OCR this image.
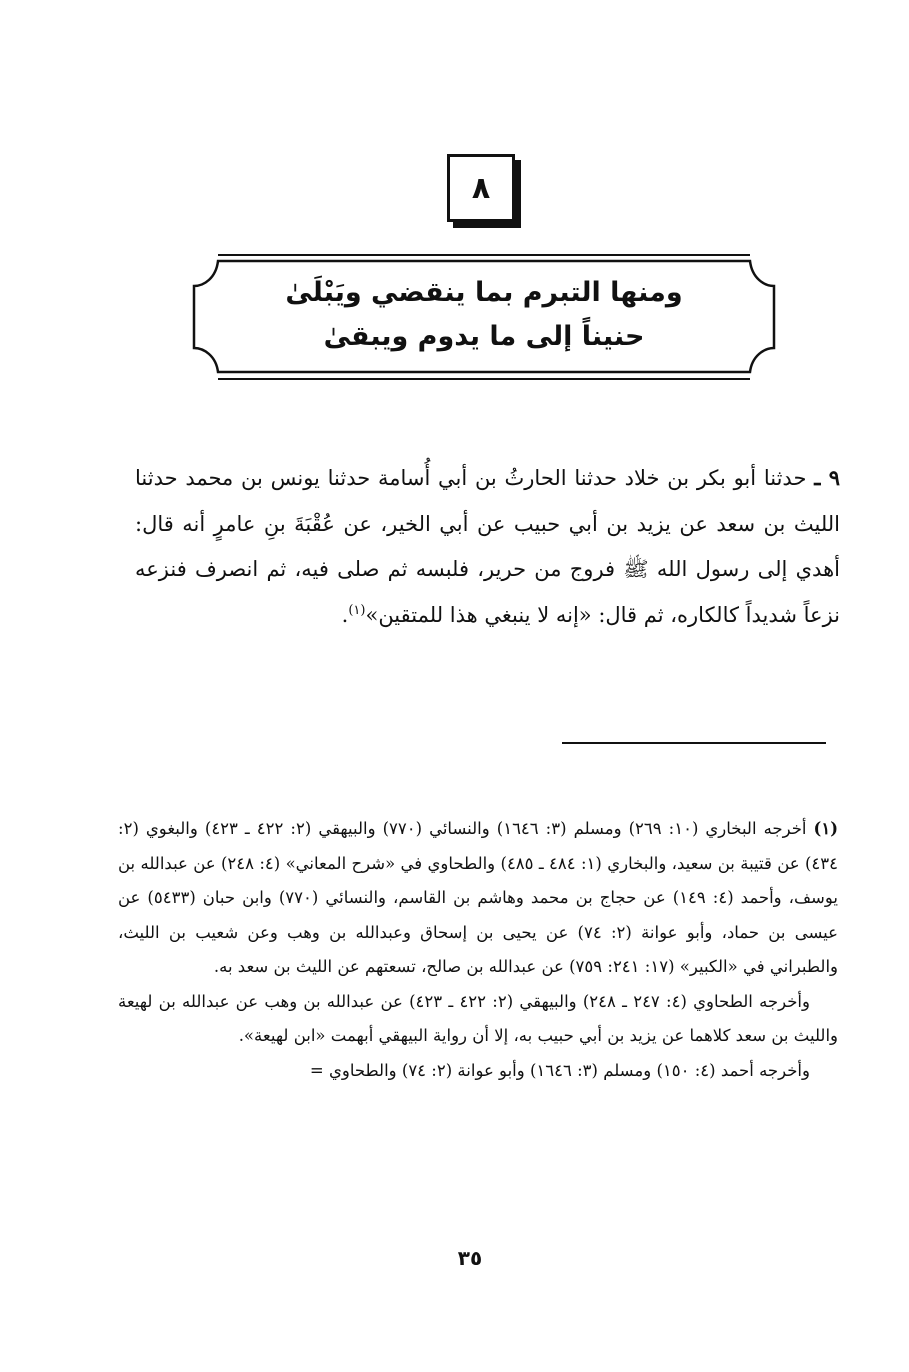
٨
ومنها التبرم بما ينقضي ويَبْلَىٰ
حنيناً إلى ما يدوم ويبقىٰ
٩ ـ حدثنا أبو بكر بن خلاد حدثنا الحارثُ بن أبي أُسامة حدثنا يونس بن محمد حدثنا الليث بن سعد عن يزيد بن أبي حبيب عن أبي الخير، عن عُقْبَةَ بنِ عامرٍ أنه قال: أهدي إلى رسول الله ﷺ فروج من حرير، فلبسه ثم صلى فيه، ثم انصرف فنزعه نزعاً شديداً كالكاره، ثم قال: «إنه لا ينبغي هذا للمتقين»$^{(١)}$.

(١) أخرجه البخاري (١٠: ٢٦٩) ومسلم (٣: ١٦٤٦) والنسائي (٧٧٠) والبيهقي (٢: ٤٢٢ ـ ٤٢٣) والبغوي (٢: ٤٣٤) عن قتيبة بن سعيد، والبخاري (١: ٤٨٤ ـ ٤٨٥) والطحاوي في «شرح المعاني» (٤: ٢٤٨) عن عبدالله بن يوسف، وأحمد (٤: ١٤٩) عن حجاج بن محمد وهاشم بن القاسم، والنسائي (٧٧٠) وابن حبان (٥٤٣٣) عن عيسى بن حماد، وأبو عوانة (٢: ٧٤) عن يحيى بن إسحاق وعبدالله بن وهب وعن شعيب بن الليث، والطبراني في «الكبير» (١٧: ٢٤١: ٧٥٩) عن عبدالله بن صالح، تسعتهم عن الليث بن سعد به.

وأخرجه الطحاوي (٤: ٢٤٧ ـ ٢٤٨) والبيهقي (٢: ٤٢٢ ـ ٤٢٣) عن عبدالله بن وهب عن عبدالله بن لهيعة والليث بن سعد كلاهما عن يزيد بن أبي حبيب به، إلا أن رواية البيهقي أبهمت «ابن لهيعة».

وأخرجه أحمد (٤: ١٥٠) ومسلم (٣: ١٦٤٦) وأبو عوانة (٢: ٧٤) والطحاوي =

٣٥
